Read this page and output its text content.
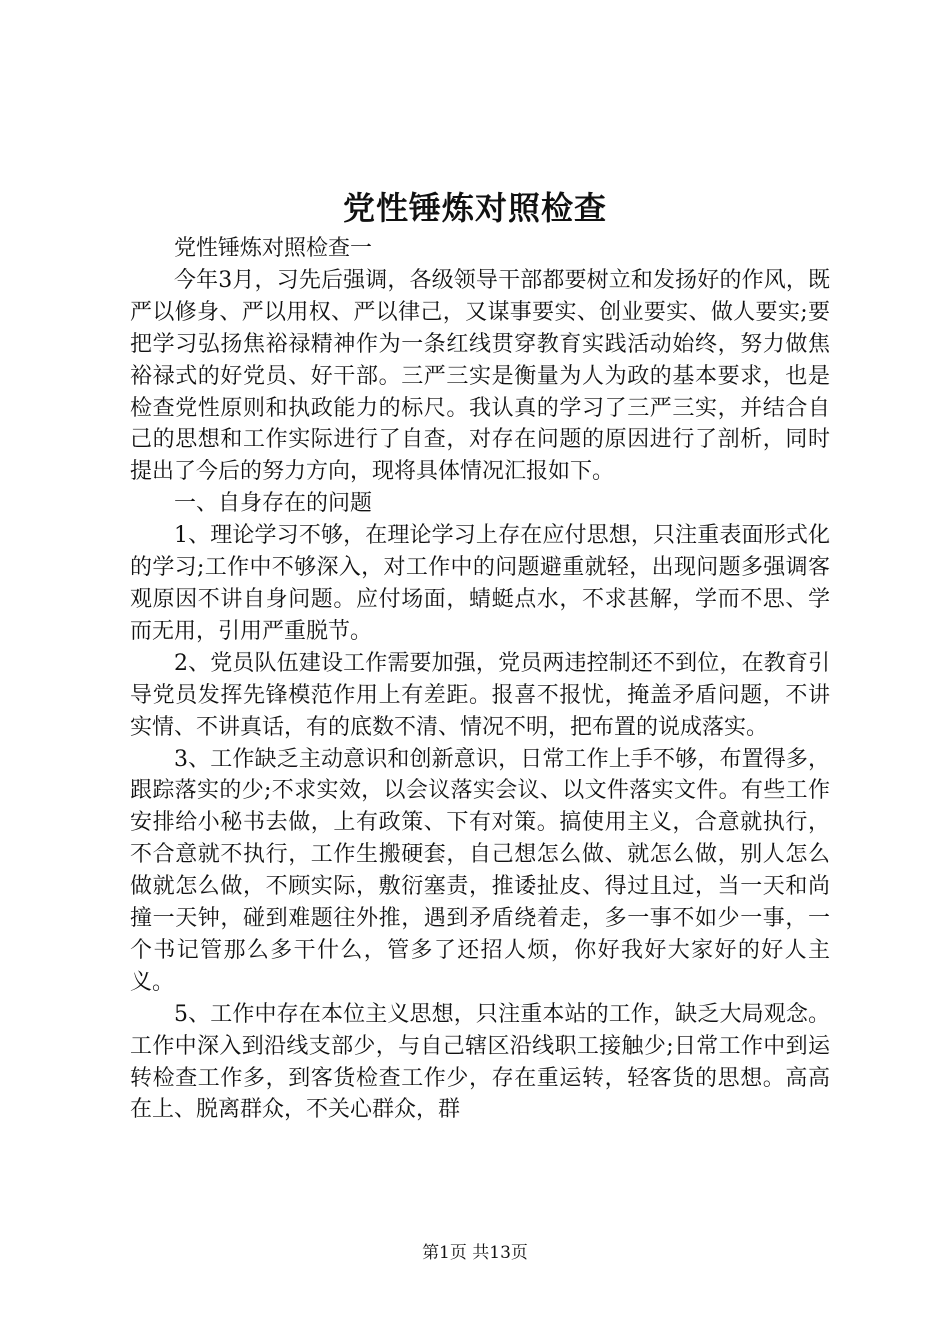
党性锤炼对照检查

党性锤炼对照检查一

今年3月，习先后强调，各级领导干部都要树立和发扬好的作风，既严以修身、严以用权、严以律己，又谋事要实、创业要实、做人要实;要把学习弘扬焦裕禄精神作为一条红线贯穿教育实践活动始终，努力做焦裕禄式的好党员、好干部。三严三实是衡量为人为政的基本要求，也是检查党性原则和执政能力的标尺。我认真的学习了三严三实，并结合自己的思想和工作实际进行了自查，对存在问题的原因进行了剖析，同时提出了今后的努力方向，现将具体情况汇报如下。

一、自身存在的问题

1、理论学习不够，在理论学习上存在应付思想，只注重表面形式化的学习;工作中不够深入，对工作中的问题避重就轻，出现问题多强调客观原因不讲自身问题。应付场面，蜻蜓点水，不求甚解，学而不思、学而无用，引用严重脱节。

2、党员队伍建设工作需要加强，党员两违控制还不到位，在教育引导党员发挥先锋模范作用上有差距。报喜不报忧，掩盖矛盾问题，不讲实情、不讲真话，有的底数不清、情况不明，把布置的说成落实。

3、工作缺乏主动意识和创新意识，日常工作上手不够，布置得多，跟踪落实的少;不求实效，以会议落实会议、以文件落实文件。有些工作安排给小秘书去做，上有政策、下有对策。搞使用主义，合意就执行，不合意就不执行，工作生搬硬套，自己想怎么做、就怎么做，别人怎么做就怎么做，不顾实际，敷衍塞责，推诿扯皮、得过且过，当一天和尚撞一天钟，碰到难题往外推，遇到矛盾绕着走，多一事不如少一事，一个书记管那么多干什么，管多了还招人烦，你好我好大家好的好人主义。

5、工作中存在本位主义思想，只注重本站的工作，缺乏大局观念。工作中深入到沿线支部少，与自己辖区沿线职工接触少;日常工作中到运转检查工作多，到客货检查工作少，存在重运转，轻客货的思想。高高在上、脱离群众，不关心群众，群

第1页 共13页
